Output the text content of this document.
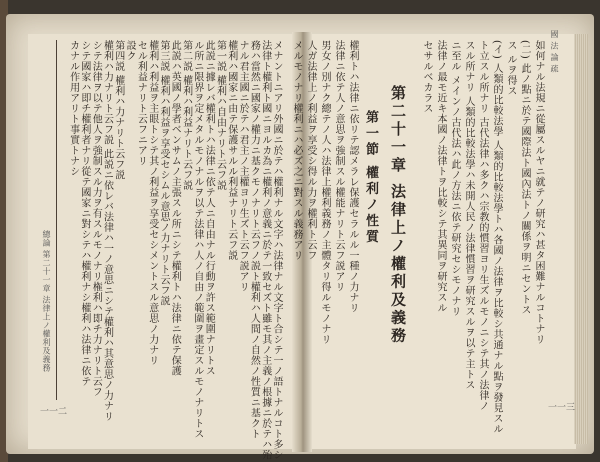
國 法 論 疏
一一三
如何ナル法規ニ從屬スルヤニ就テノ研究ハ甚タ困難ナルコトナリ
(二) 此ノ點ニ於テ國際法ト國內法トノ關係ヲ明ニセントス
ス ルヲ得ス
(イ) 人類的比較法學 人類的比較法學トハ各國ノ法律ヲ比較シ共通ナル點ヲ發見スル
ト立スル所ナリ 古代法律ハ多クハ宗教的慣習ヨリ生ズルモノニシテ其ノ法律ノ
スル所ナリ 人類的比較法學ハ未開人民ノ法律慣習ヲ研究スルヲ以テ主トス
ニ至ル メインノ古代法ハ此ノ方法ニ依テ研究セシモノナリ
法律ノ最モ近キ本國ノ法律トヲ比較シテ其異同ヲ研究スル
セサルベカラス
第二十一章 法律上ノ權利及義務
第一節 權利ノ性質
權利トハ法律ニ依リテ認メラレ保護セラルル一種ノ力ナリ
法律ニ依テ人ノ意思ヲ強制スル權能ナリト云フ説アリ
男女ノ別ナク總テノ人ハ法律上權利義務ノ主體タリ得ルモノナリ
人ガ法律上ノ利益ヲ享受シ得ル力ヲ權利ト云フ
メルモノナリ權利ニハ必ズ之ニ對スル義務アリ
メナントニアリ外國ニ於テハ權利ナル文字ハ法律ナル文字ト合シテ一ノ語トナルコト多シ
法律ト權利ト國ニヨルカ為ニ權利ノ意義ニ於テ一致セズト雖モ其ノ主義ノ根據ニ於テハ殆
務ハ當然ニ國家ノ權力ニ基クモノナリト云フノ説ト權利ハ人間ノ自然ノ性質ニ基クト
ナル君主國ニ於テハ君主ノ主權ヨリ生ズト云フ説アリ
權利ハ國家ニ由テ保護サルル利益ナリト云フ説
第一説 權利ハ自由ナリト云フ説
此説ニ據レバ權利トハ法律ニ依テ人ニ自由ナル行動ヲ許ス範圍ナリトス
ル所ニ限界ヲ定メタルモノナルヲ以テ法律ハ人ノ自由ノ範圍ヲ畫定スルモノナリトス
第二説 權利ハ利益ナリト云フ説
此説ハ英國ノ學者ベンサムノ主張スル所ニシテ權利トハ法律ニ依テ保護
第三説 權利ハ利益ヲ享受セシムル意思ノ力ナリト云フ説
權利ハ利益ヲ主眼トシテ其ノ利益ヲ享受セシメントスル意思ノ力ナリ
セル利益ナリト云フニアリ
設ク
第四説 權利ハ力ナリト云フ説
權利ハ力ナリト云フ説 此説ニ依レバ法律ハ一ノ意思ニシテ權利ハ其意思ノ力ナリ
シテ法律ヲ以テ他人ヲ強制スル力ヲ有スルモノナリ権利ハ即チ力ナリト云フ
シテ國家ハ即チ權利者ナリ從テ國家ニ對シテハ權利ナシ權利ハ法律ニ依テ
カナル作用アリト事實トナシ
總論 第二十一章 法律上ノ權利及義務
一一二
